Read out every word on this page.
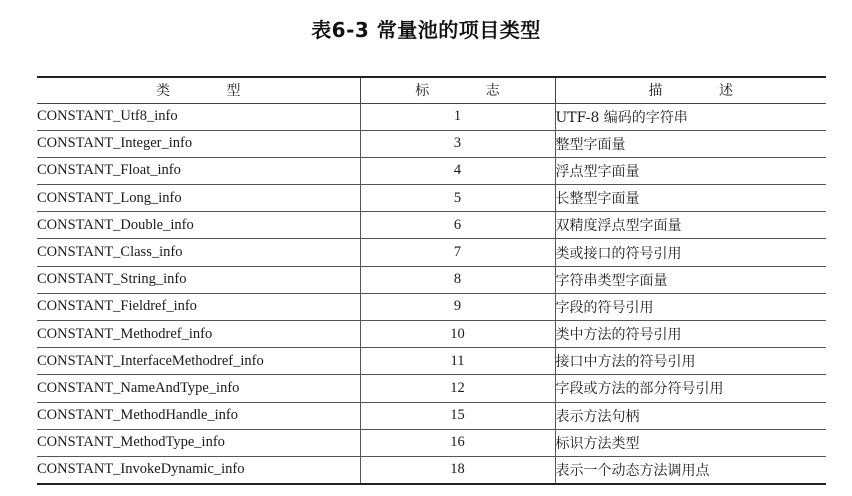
表6-3 常量池的项目类型
类 型	标 志	描 述
CONSTANT_Utf8_info	1	UTF-8 编码的字符串
CONSTANT_Integer_info	3	整型字面量
CONSTANT_Float_info	4	浮点型字面量
CONSTANT_Long_info	5	长整型字面量
CONSTANT_Double_info	6	双精度浮点型字面量
CONSTANT_Class_info	7	类或接口的符号引用
CONSTANT_String_info	8	字符串类型字面量
CONSTANT_Fieldref_info	9	字段的符号引用
CONSTANT_Methodref_info	10	类中方法的符号引用
CONSTANT_InterfaceMethodref_info	11	接口中方法的符号引用
CONSTANT_NameAndType_info	12	字段或方法的部分符号引用
CONSTANT_MethodHandle_info	15	表示方法句柄
CONSTANT_MethodType_info	16	标识方法类型
CONSTANT_InvokeDynamic_info	18	表示一个动态方法调用点
